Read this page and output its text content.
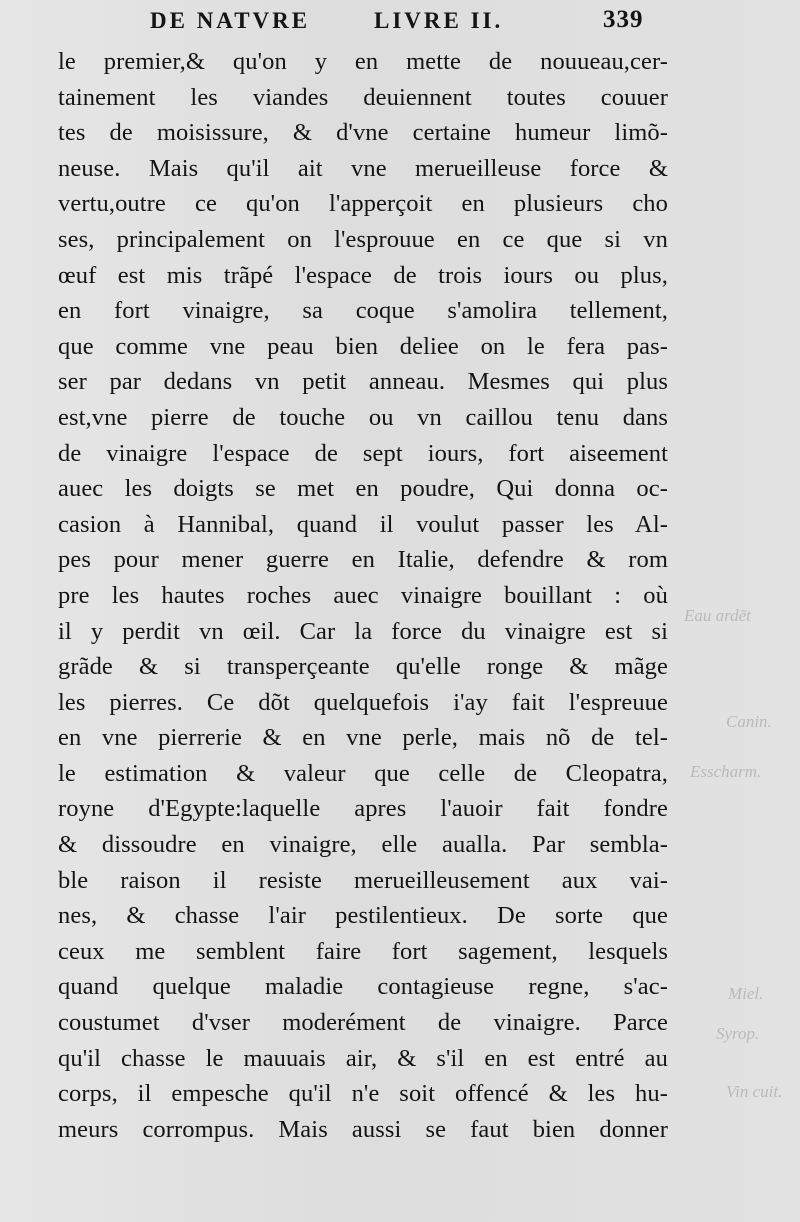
DE NATVRE	LIVRE II.	339
le premier,& qu'on y en mette de nouueau,cer-
tainement les viandes deuiennent toutes couuer
tes de moisissure, & d'vne certaine humeur limõ-
neuse. Mais qu'il ait vne merueilleuse force &
vertu,outre ce qu'on l'apperçoit en plusieurs cho
ses, principalement on l'esprouue en ce que si vn
œuf est mis trãpé l'espace de trois iours ou plus,
en fort vinaigre, sa coque s'amolira tellement,
que comme vne peau bien deliee on le fera pas-
ser par dedans vn petit anneau. Mesmes qui plus
est,vne pierre de touche ou vn caillou tenu dans
de vinaigre l'espace de sept iours, fort aiseement
auec les doigts se met en poudre, Qui donna oc-
casion à Hannibal, quand il voulut passer les Al-
pes pour mener guerre en Italie, defendre & rom
pre les hautes roches auec vinaigre bouillant : où
il y perdit vn œil. Car la force du vinaigre est si
grãde & si transperçeante qu'elle ronge & mãge
les pierres. Ce dõt quelquefois i'ay fait l'espreuue
en vne pierrerie & en vne perle, mais nõ de tel-
le estimation & valeur que celle de Cleopatra,
royne d'Egypte:laquelle apres l'auoir fait fondre
& dissoudre en vinaigre, elle aualla. Par sembla-
ble raison il resiste merueilleusement aux vai-
nes, & chasse l'air pestilentieux. De sorte que
ceux me semblent faire fort sagement, lesquels
quand quelque maladie contagieuse regne, s'ac-
coustumet d'vser moderément de vinaigre. Parce
qu'il chasse le mauuais air, & s'il en est entré au
corps, il empesche qu'il n'e soit offencé & les hu-
meurs corrompus. Mais aussi se faut bien donner
Eau ardēt
Canin.
Esscharm.
Miel.
Syrop.
Vin cuit.
